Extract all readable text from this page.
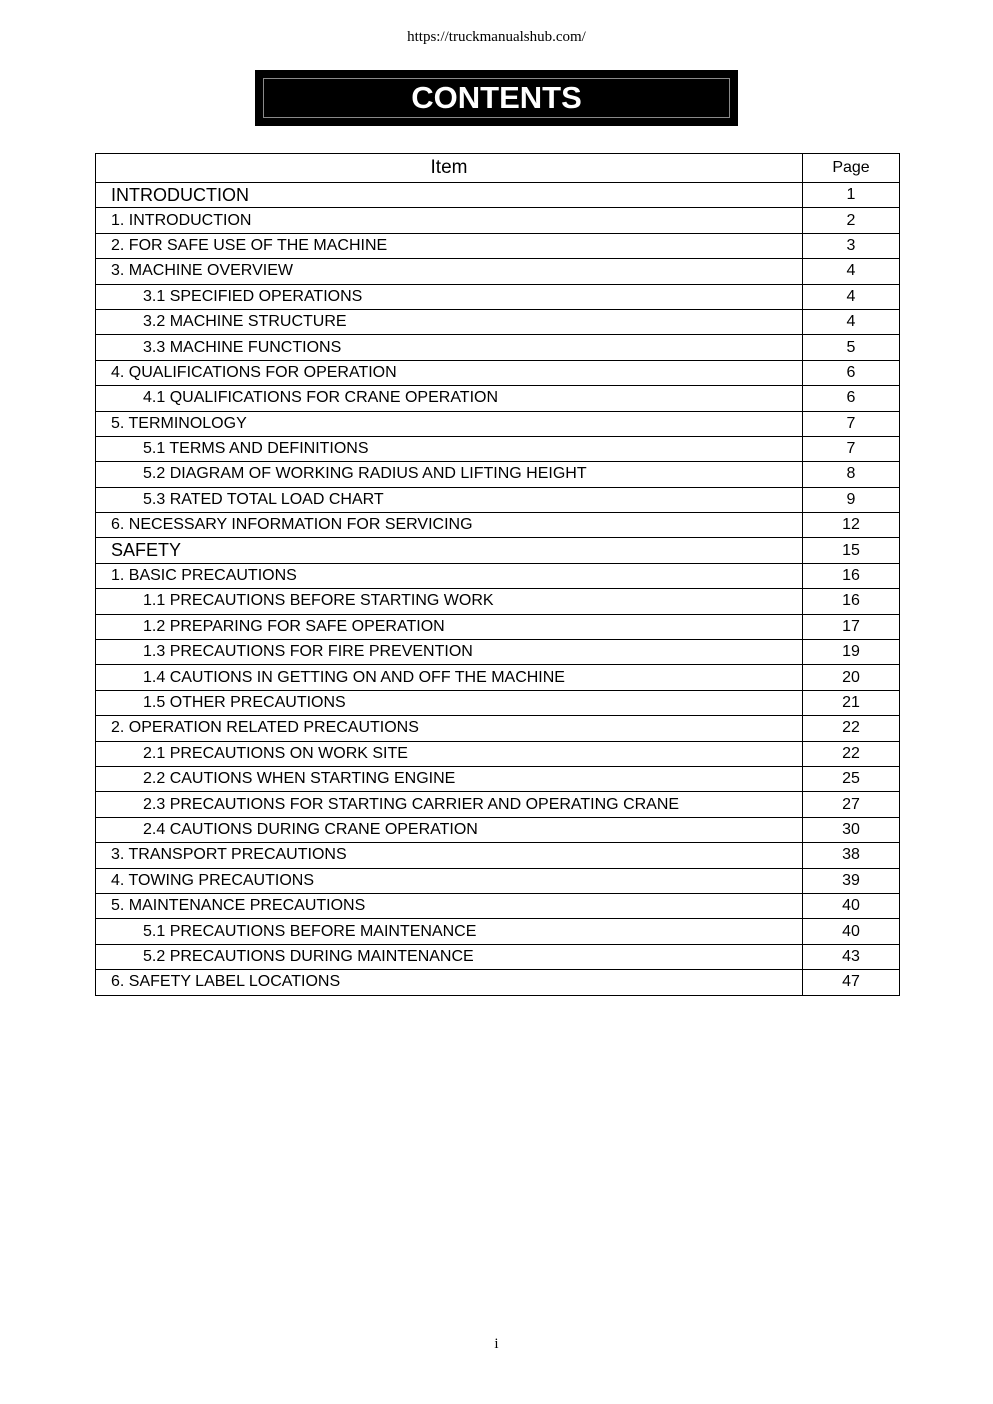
https://truckmanualshub.com/
CONTENTS
Item	Page
INTRODUCTION	1
1. INTRODUCTION	2
2. FOR SAFE USE OF THE MACHINE	3
3. MACHINE OVERVIEW	4
3.1 SPECIFIED OPERATIONS	4
3.2 MACHINE STRUCTURE	4
3.3 MACHINE FUNCTIONS	5
4. QUALIFICATIONS FOR OPERATION	6
4.1 QUALIFICATIONS FOR CRANE OPERATION	6
5. TERMINOLOGY	7
5.1 TERMS AND DEFINITIONS	7
5.2 DIAGRAM OF WORKING RADIUS AND LIFTING HEIGHT	8
5.3 RATED TOTAL LOAD CHART	9
6. NECESSARY INFORMATION FOR SERVICING	12
SAFETY	15
1. BASIC PRECAUTIONS	16
1.1 PRECAUTIONS BEFORE STARTING WORK	16
1.2 PREPARING FOR SAFE OPERATION	17
1.3 PRECAUTIONS FOR FIRE PREVENTION	19
1.4 CAUTIONS IN GETTING ON AND OFF THE MACHINE	20
1.5 OTHER PRECAUTIONS	21
2. OPERATION RELATED PRECAUTIONS	22
2.1 PRECAUTIONS ON WORK SITE	22
2.2 CAUTIONS WHEN STARTING ENGINE	25
2.3 PRECAUTIONS FOR STARTING CARRIER AND OPERATING CRANE	27
2.4 CAUTIONS DURING CRANE OPERATION	30
3. TRANSPORT PRECAUTIONS	38
4. TOWING PRECAUTIONS	39
5. MAINTENANCE PRECAUTIONS	40
5.1 PRECAUTIONS BEFORE MAINTENANCE	40
5.2 PRECAUTIONS DURING MAINTENANCE	43
6. SAFETY LABEL LOCATIONS	47
i
